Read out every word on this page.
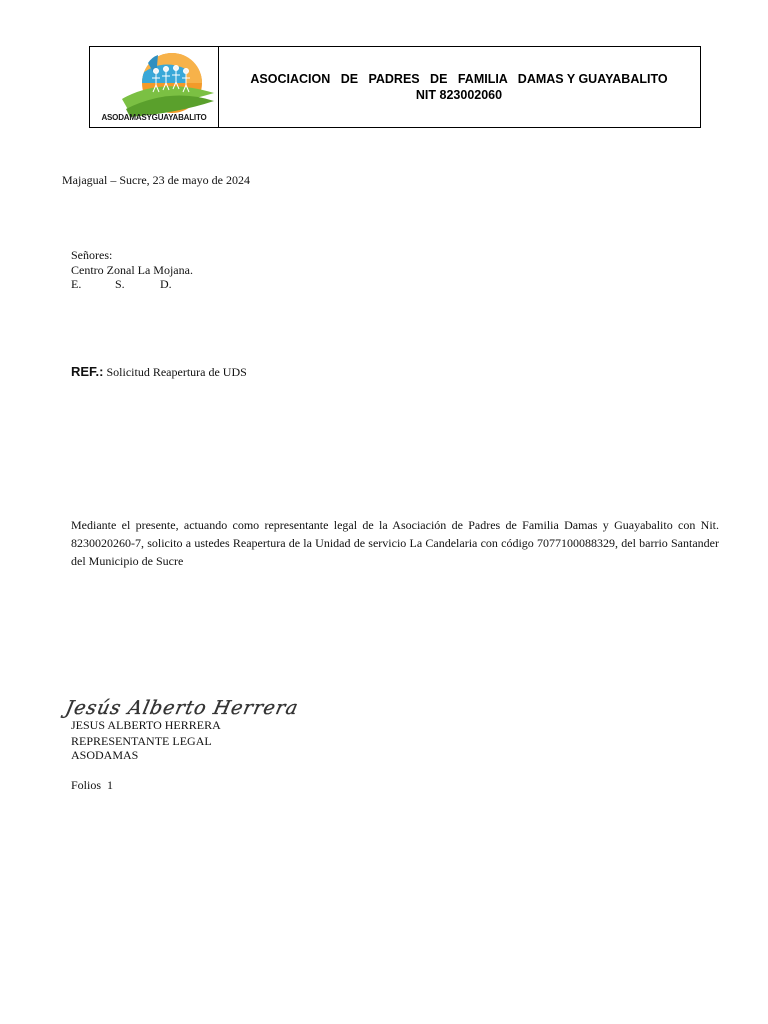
ASODAMASYGUAYABALITO
ASOCIACION   DE   PADRES   DE   FAMILIA   DAMAS Y GUAYABALITO
NIT 823002060
Majagual – Sucre, 23 de mayo de 2024
Señores:
Centro Zonal La Mojana.
E.	S.	D.
REF.: Solicitud Reapertura de UDS
Mediante el presente, actuando como representante legal de la Asociación de Padres de Familia Damas y Guayabalito con Nit. 8230020260-7, solicito a ustedes Reapertura de la Unidad de servicio La Candelaria con código 7077100088329, del barrio Santander del Municipio de Sucre
Jesús Alberto Herrera
JESUS ALBERTO HERRERA
REPRESENTANTE LEGAL
ASODAMAS
Folios  1
